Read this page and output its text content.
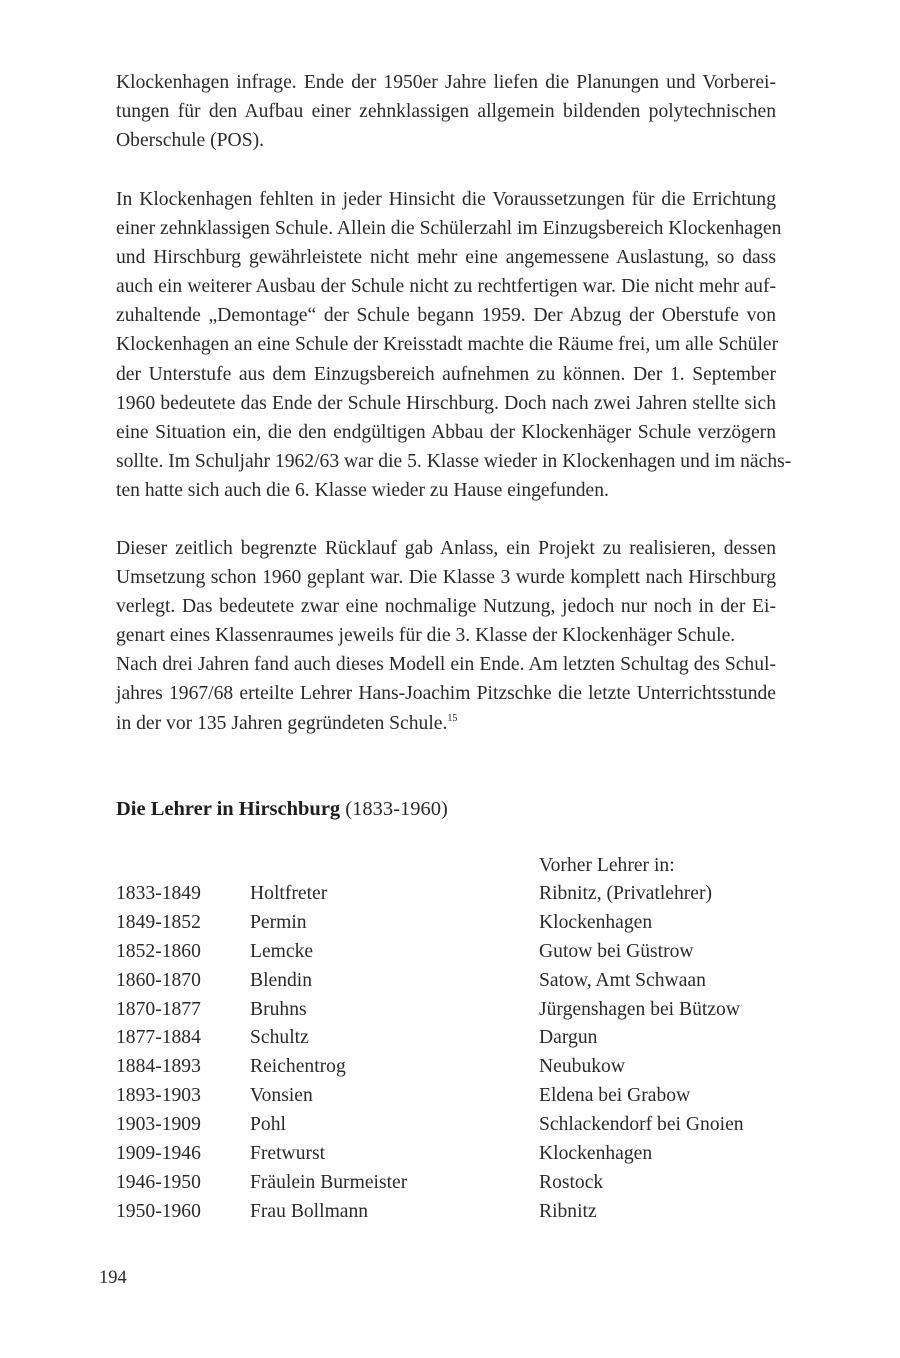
Klockenhagen infrage. Ende der 1950er Jahre liefen die Planungen und Vorberei-
tungen für den Aufbau einer zehnklassigen allgemein bildenden polytechnischen
Oberschule (POS).
In Klockenhagen fehlten in jeder Hinsicht die Voraussetzungen für die Errichtung
einer zehnklassigen Schule. Allein die Schülerzahl im Einzugsbereich Klockenhagen
und Hirschburg gewährleistete nicht mehr eine angemessene Auslastung, so dass
auch ein weiterer Ausbau der Schule nicht zu rechtfertigen war. Die nicht mehr auf-
zuhaltende „Demontage“ der Schule begann 1959. Der Abzug der Oberstufe von
Klockenhagen an eine Schule der Kreisstadt machte die Räume frei, um alle Schüler
der Unterstufe aus dem Einzugsbereich aufnehmen zu können. Der 1. September
1960 bedeutete das Ende der Schule Hirschburg. Doch nach zwei Jahren stellte sich
eine Situation ein, die den endgültigen Abbau der Klockenhäger Schule verzögern
sollte. Im Schuljahr 1962/63 war die 5. Klasse wieder in Klockenhagen und im nächs-
ten hatte sich auch die 6. Klasse wieder zu Hause eingefunden.
Dieser zeitlich begrenzte Rücklauf gab Anlass, ein Projekt zu realisieren, dessen
Umsetzung schon 1960 geplant war. Die Klasse 3 wurde komplett nach Hirschburg
verlegt. Das bedeutete zwar eine nochmalige Nutzung, jedoch nur noch in der Ei-
genart eines Klassenraumes jeweils für die 3. Klasse der Klockenhäger Schule.
Nach drei Jahren fand auch dieses Modell ein Ende. Am letzten Schultag des Schul-
jahres 1967/68 erteilte Lehrer Hans-Joachim Pitzschke die letzte Unterrichtsstunde
in der vor 135 Jahren gegründeten Schule.$^{15}$
Die Lehrer in Hirschburg (1833-1960)
Vorher Lehrer in:
1833-1849	Holtfreter	Ribnitz, (Privatlehrer)
1849-1852	Permin	Klockenhagen
1852-1860	Lemcke	Gutow bei Güstrow
1860-1870	Blendin	Satow, Amt Schwaan
1870-1877	Bruhns	Jürgenshagen bei Bützow
1877-1884	Schultz	Dargun
1884-1893	Reichentrog	Neubukow
1893-1903	Vonsien	Eldena bei Grabow
1903-1909	Pohl	Schlackendorf bei Gnoien
1909-1946	Fretwurst	Klockenhagen
1946-1950	Fräulein Burmeister	Rostock
1950-1960	Frau Bollmann	Ribnitz
194
